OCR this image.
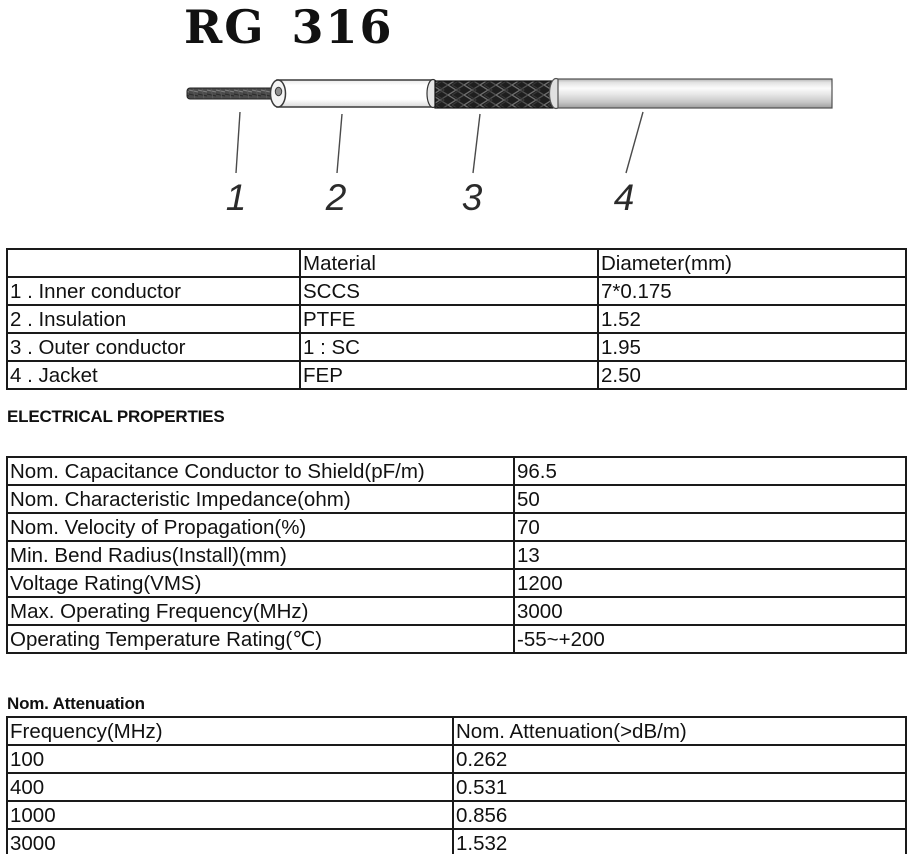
RG 316
1 2	3	4
	Material	Diameter(mm)
1 . Inner conductor	SCCS	7*0.175
2 . Insulation	PTFE	1.52
3 . Outer conductor	1 : SC	1.95
4 . Jacket	FEP	2.50
ELECTRICAL PROPERTIES
Nom. Capacitance Conductor to Shield(pF/m)	96.5
Nom. Characteristic Impedance(ohm)	50
Nom. Velocity of Propagation(%)	70
Min. Bend Radius(Install)(mm)	13
Voltage Rating(VMS)	1200
Max. Operating Frequency(MHz)	3000
Operating Temperature Rating(℃)	-55~+200
Nom. Attenuation
Frequency(MHz)	Nom. Attenuation(>dB/m)
100	0.262
400	0.531
1000	0.856
3000	1.532
